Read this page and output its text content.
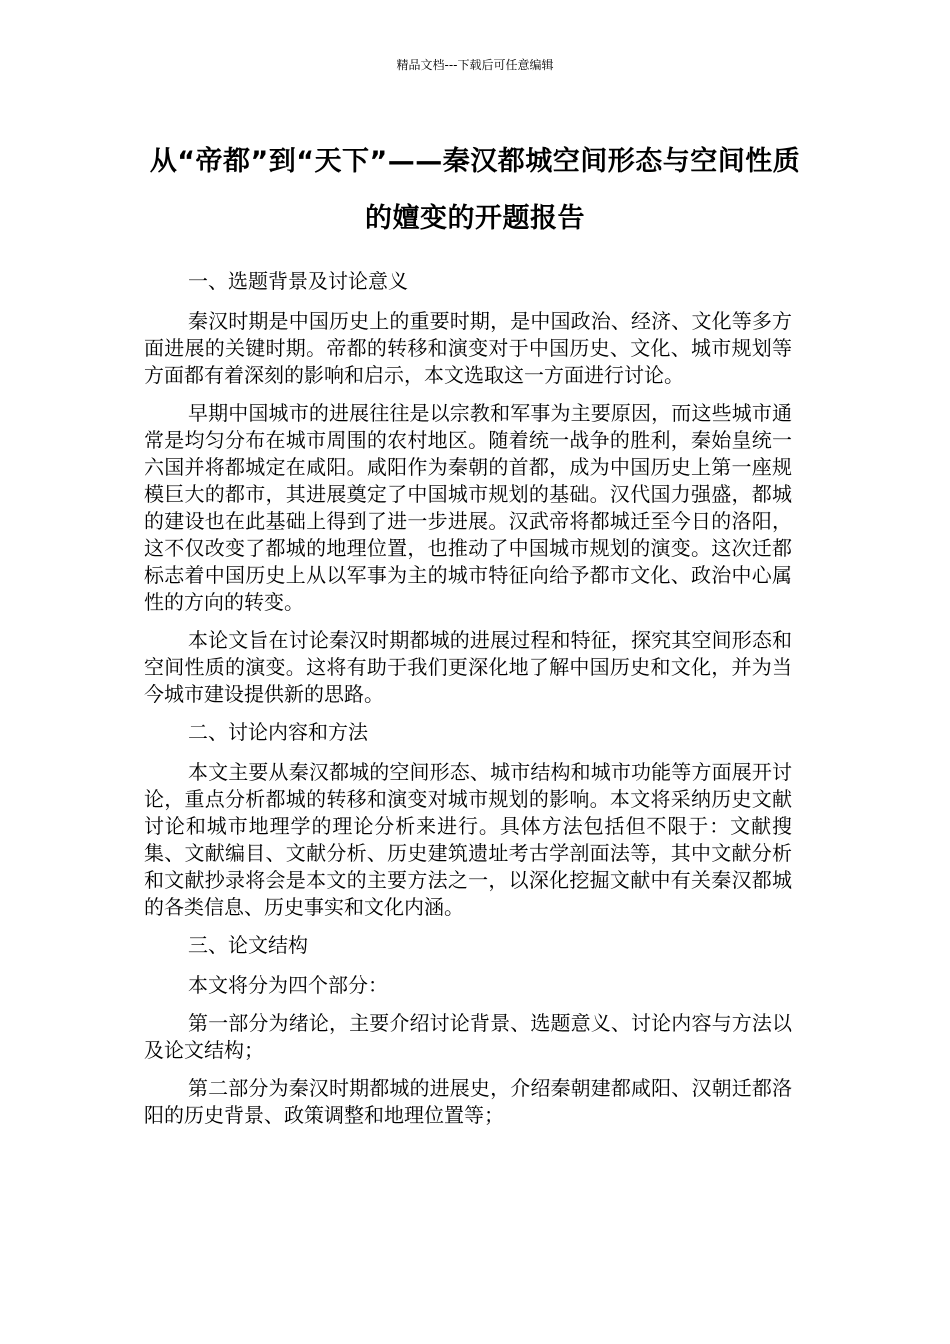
精品文档---下载后可任意编辑
从“帝都”到“天下”——秦汉都城空间形态与空间性质的嬗变的开题报告

一、选题背景及讨论意义

秦汉时期是中国历史上的重要时期，是中国政治、经济、文化等多方面进展的关键时期。帝都的转移和演变对于中国历史、文化、城市规划等方面都有着深刻的影响和启示，本文选取这一方面进行讨论。

早期中国城市的进展往往是以宗教和军事为主要原因，而这些城市通常是均匀分布在城市周围的农村地区。随着统一战争的胜利，秦始皇统一六国并将都城定在咸阳。咸阳作为秦朝的首都，成为中国历史上第一座规模巨大的都市，其进展奠定了中国城市规划的基础。汉代国力强盛，都城的建设也在此基础上得到了进一步进展。汉武帝将都城迁至今日的洛阳，这不仅改变了都城的地理位置，也推动了中国城市规划的演变。这次迁都标志着中国历史上从以军事为主的城市特征向给予都市文化、政治中心属性的方向的转变。

本论文旨在讨论秦汉时期都城的进展过程和特征，探究其空间形态和空间性质的演变。这将有助于我们更深化地了解中国历史和文化，并为当今城市建设提供新的思路。

二、讨论内容和方法

本文主要从秦汉都城的空间形态、城市结构和城市功能等方面展开讨论，重点分析都城的转移和演变对城市规划的影响。本文将采纳历史文献讨论和城市地理学的理论分析来进行。具体方法包括但不限于：文献搜集、文献编目、文献分析、历史建筑遗址考古学剖面法等，其中文献分析和文献抄录将会是本文的主要方法之一，以深化挖掘文献中有关秦汉都城的各类信息、历史事实和文化内涵。

三、论文结构

本文将分为四个部分：

第一部分为绪论，主要介绍讨论背景、选题意义、讨论内容与方法以及论文结构；

第二部分为秦汉时期都城的进展史，介绍秦朝建都咸阳、汉朝迁都洛阳的历史背景、政策调整和地理位置等；
